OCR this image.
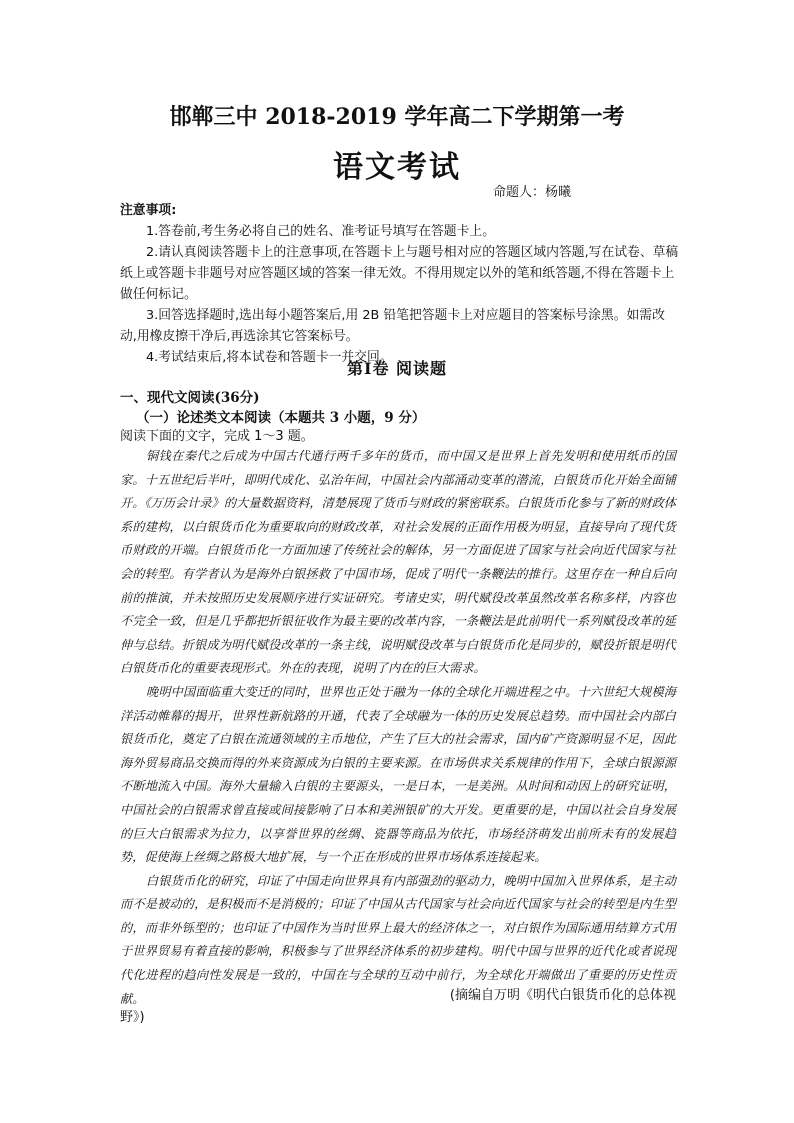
邯郸三中 2018-2019 学年高二下学期第一考
语文考试
命题人：杨曦
注意事项:

1.答卷前,考生务必将自己的姓名、准考证号填写在答题卡上。

2.请认真阅读答题卡上的注意事项,在答题卡上与题号相对应的答题区域内答题,写在试卷、草稿纸上或答题卡非题号对应答题区域的答案一律无效。不得用规定以外的笔和纸答题,不得在答题卡上做任何标记。

3.回答选择题时,选出每小题答案后,用 2B 铅笔把答题卡上对应题目的答案标号涂黑。如需改动,用橡皮擦干净后,再选涂其它答案标号。

4.考试结束后,将本试卷和答题卡一并交回。

第Ⅰ卷 阅读题
一、现代文阅读(36分)
（一）论述类文本阅读（本题共 3 小题，9 分）
阅读下面的文字，完成 1～3 题。

铜钱在秦代之后成为中国古代通行两千多年的货币，而中国又是世界上首先发明和使用纸币的国家。十五世纪后半叶，即明代成化、弘治年间，中国社会内部涌动变革的潜流，白银货币化开始全面铺开。《万历会计录》的大量数据资料，清楚展现了货币与财政的紧密联系。白银货币化参与了新的财政体系的建构，以白银货币化为重要取向的财政改革，对社会发展的正面作用极为明显，直接导向了现代货币财政的开端。白银货币化一方面加速了传统社会的解体，另一方面促进了国家与社会向近代国家与社会的转型。有学者认为是海外白银拯救了中国市场，促成了明代一条鞭法的推行。这里存在一种自后向前的推演，并未按照历史发展顺序进行实证研究。考诸史实，明代赋役改革虽然改革名称多样，内容也不完全一致，但是几乎都把折银征收作为最主要的改革内容，一条鞭法是此前明代一系列赋役改革的延伸与总结。折银成为明代赋役改革的一条主线，说明赋役改革与白银货币化是同步的，赋役折银是明代白银货币化的重要表现形式。外在的表现，说明了内在的巨大需求。

晚明中国面临重大变迁的同时，世界也正处于融为一体的全球化开端进程之中。十六世纪大规模海洋活动帷幕的揭开，世界性新航路的开通，代表了全球融为一体的历史发展总趋势。而中国社会内部白银货币化，奠定了白银在流通领域的主币地位，产生了巨大的社会需求，国内矿产资源明显不足，因此海外贸易商品交换而得的外来资源成为白银的主要来源。在市场供求关系规律的作用下，全球白银源源不断地流入中国。海外大量输入白银的主要源头，一是日本，一是美洲。从时间和动因上的研究证明，中国社会的白银需求曾直接或间接影响了日本和美洲银矿的大开发。更重要的是，中国以社会自身发展的巨大白银需求为拉力，以享誉世界的丝绸、瓷器等商品为依托，市场经济萌发出前所未有的发展趋势，促使海上丝绸之路极大地扩展，与一个正在形成的世界市场体系连接起来。

白银货币化的研究，印证了中国走向世界具有内部强劲的驱动力，晚明中国加入世界体系，是主动而不是被动的，是积极而不是消极的；印证了中国从古代国家与社会向近代国家与社会的转型是内生型的，而非外铄型的；也印证了中国作为当时世界上最大的经济体之一，对白银作为国际通用结算方式用于世界贸易有着直接的影响，积极参与了世界经济体系的初步建构。明代中国与世界的近代化或者说现代化进程的趋向性发展是一致的，中国在与全球的互动中前行，为全球化开端做出了重要的历史性贡献。	(摘编自万明《明代白银货币化的总体视
野》)
